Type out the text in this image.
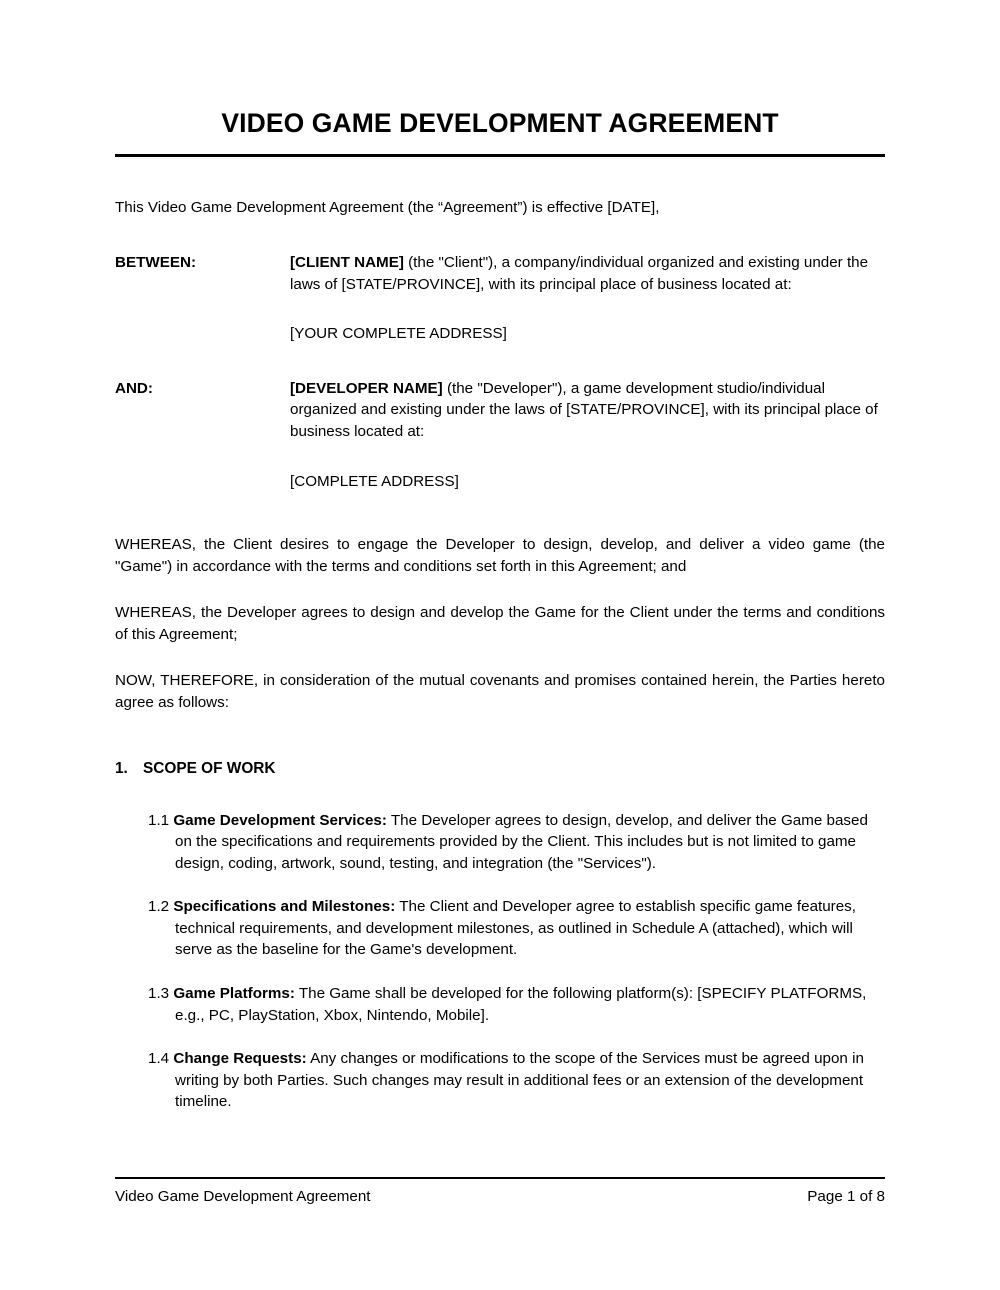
VIDEO GAME DEVELOPMENT AGREEMENT

This Video Game Development Agreement (the “Agreement”) is effective [DATE],

BETWEEN:	[CLIENT NAME] (the "Client"), a company/individual organized and existing under the laws of [STATE/PROVINCE], with its principal place of business located at:
[YOUR COMPLETE ADDRESS]
AND:	[DEVELOPER NAME] (the "Developer"), a game development studio/individual organized and existing under the laws of [STATE/PROVINCE], with its principal place of business located at:
[COMPLETE ADDRESS]

WHEREAS, the Client desires to engage the Developer to design, develop, and deliver a video game (the "Game") in accordance with the terms and conditions set forth in this Agreement; and

WHEREAS, the Developer agrees to design and develop the Game for the Client under the terms and conditions of this Agreement;

NOW, THEREFORE, in consideration of the mutual covenants and promises contained herein, the Parties hereto agree as follows:

1. SCOPE OF WORK

1.1 Game Development Services: The Developer agrees to design, develop, and deliver the Game based on the specifications and requirements provided by the Client. This includes but is not limited to game design, coding, artwork, sound, testing, and integration (the "Services").

1.2 Specifications and Milestones: The Client and Developer agree to establish specific game features, technical requirements, and development milestones, as outlined in Schedule A (attached), which will serve as the baseline for the Game's development.

1.3 Game Platforms: The Game shall be developed for the following platform(s): [SPECIFY PLATFORMS, e.g., PC, PlayStation, Xbox, Nintendo, Mobile].

1.4 Change Requests: Any changes or modifications to the scope of the Services must be agreed upon in writing by both Parties. Such changes may result in additional fees or an extension of the development timeline.

Video Game Development Agreement	Page 1 of 8
